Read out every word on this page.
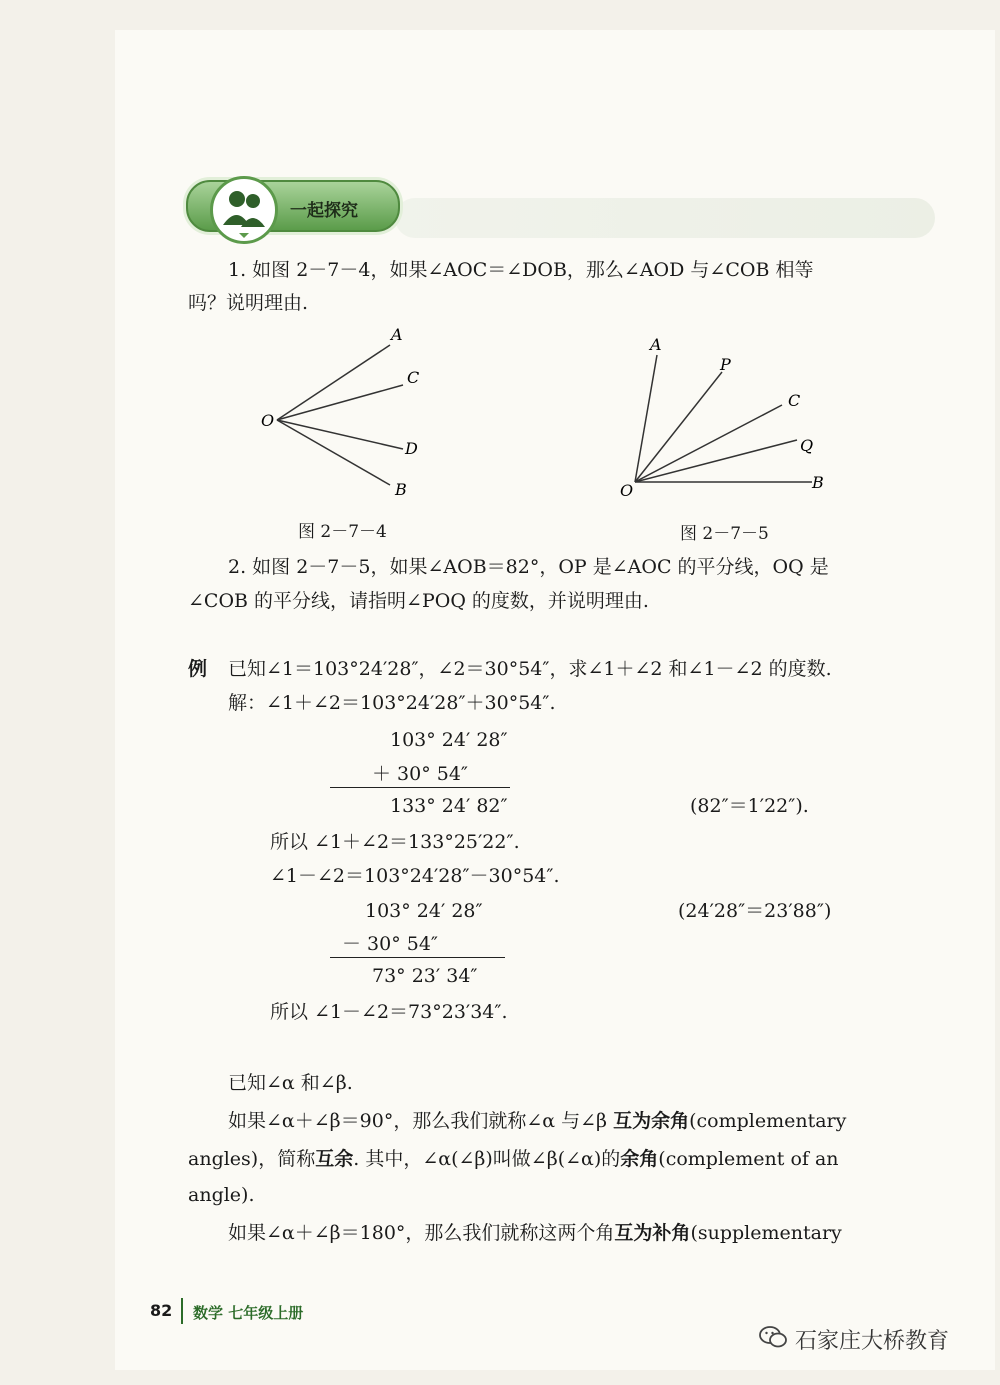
一起探究
1. 如图 2－7－4，如果∠AOC＝∠DOB，那么∠AOD 与∠COB 相等
吗？说明理由.
O
A
C
D
B
图 2－7－4
O
A
P
C
Q
B
图 2－7－5
2. 如图 2－7－5，如果∠AOB＝82°，OP 是∠AOC 的平分线，OQ 是
∠COB 的平分线，请指明∠POQ 的度数，并说明理由.
例 已知∠1＝103°24′28″，∠2＝30°54″，求∠1＋∠2 和∠1－∠2 的度数.
解：∠1＋∠2＝103°24′28″＋30°54″.
103° 24′ 28″
＋ 30° 54″
133° 24′ 82″	(82″＝1′22″).
所以 ∠1＋∠2＝133°25′22″.
∠1－∠2＝103°24′28″－30°54″.
103° 24′ 28″	(24′28″＝23′88″)
－ 30° 54″
73° 23′ 34″
所以 ∠1－∠2＝73°23′34″.
已知∠α 和∠β.
如果∠α＋∠β＝90°，那么我们就称∠α 与∠β 互为余角(complementary
angles)，简称互余. 其中，∠α(∠β)叫做∠β(∠α)的余角(complement of an
angle).
如果∠α＋∠β＝180°，那么我们就称这两个角互为补角(supplementary
82 数学 七年级上册
石家庄大桥教育
